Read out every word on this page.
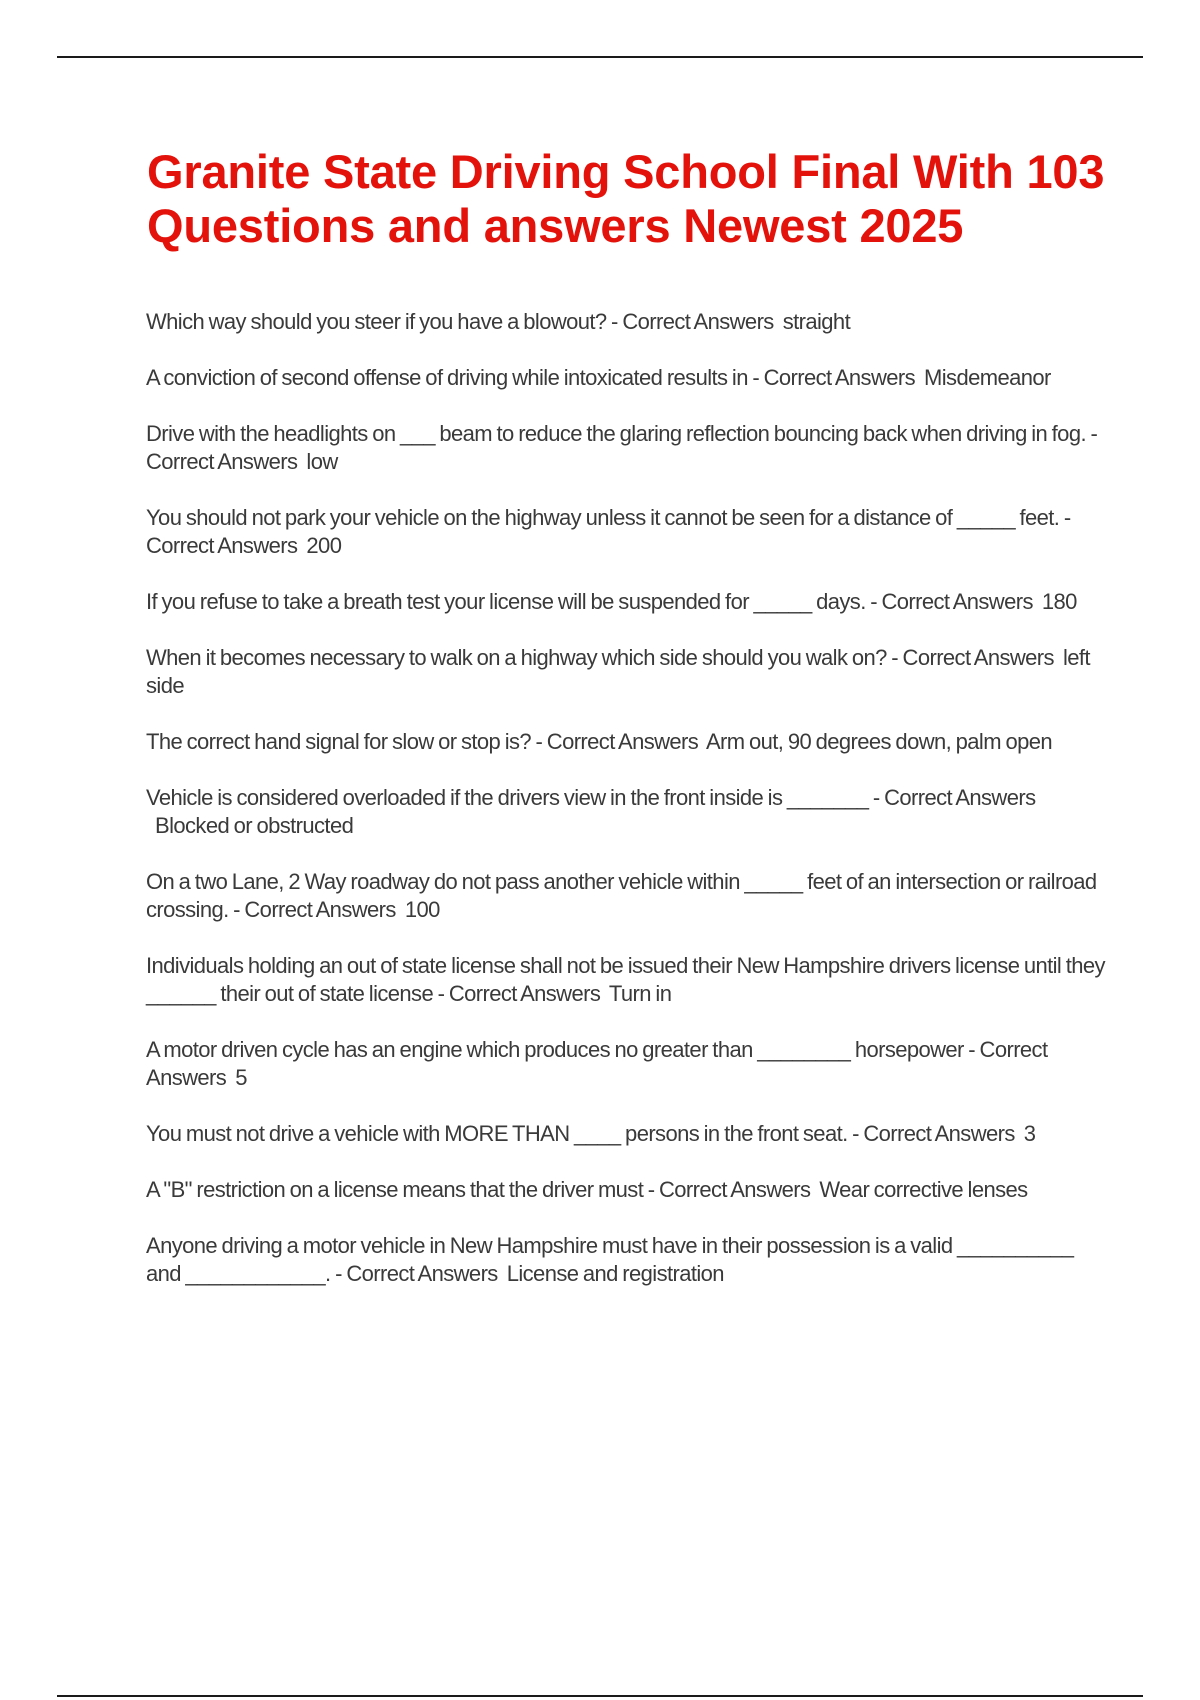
Granite State Driving School Final With 103 Questions and answers Newest 2025
Which way should you steer if you have a blowout? - Correct Answers straight
A conviction of second offense of driving while intoxicated results in - Correct Answers Misdemeanor
Drive with the headlights on ___ beam to reduce the glaring reflection bouncing back when driving in fog. - Correct Answers low
You should not park your vehicle on the highway unless it cannot be seen for a distance of _____ feet. - Correct Answers 200
If you refuse to take a breath test your license will be suspended for _____ days. - Correct Answers 180
When it becomes necessary to walk on a highway which side should you walk on? - Correct Answers left side
The correct hand signal for slow or stop is? - Correct Answers Arm out, 90 degrees down, palm open
Vehicle is considered overloaded if the drivers view in the front inside is _______ - Correct Answers  Blocked or obstructed
On a two Lane, 2 Way roadway do not pass another vehicle within _____ feet of an intersection or railroad crossing. - Correct Answers 100
Individuals holding an out of state license shall not be issued their New Hampshire drivers license until they ______ their out of state license - Correct Answers Turn in
A motor driven cycle has an engine which produces no greater than ________ horsepower - Correct Answers 5
You must not drive a vehicle with MORE THAN ____ persons in the front seat. - Correct Answers 3
A "B" restriction on a license means that the driver must - Correct Answers Wear corrective lenses
Anyone driving a motor vehicle in New Hampshire must have in their possession is a valid __________ and ____________. - Correct Answers License and registration
